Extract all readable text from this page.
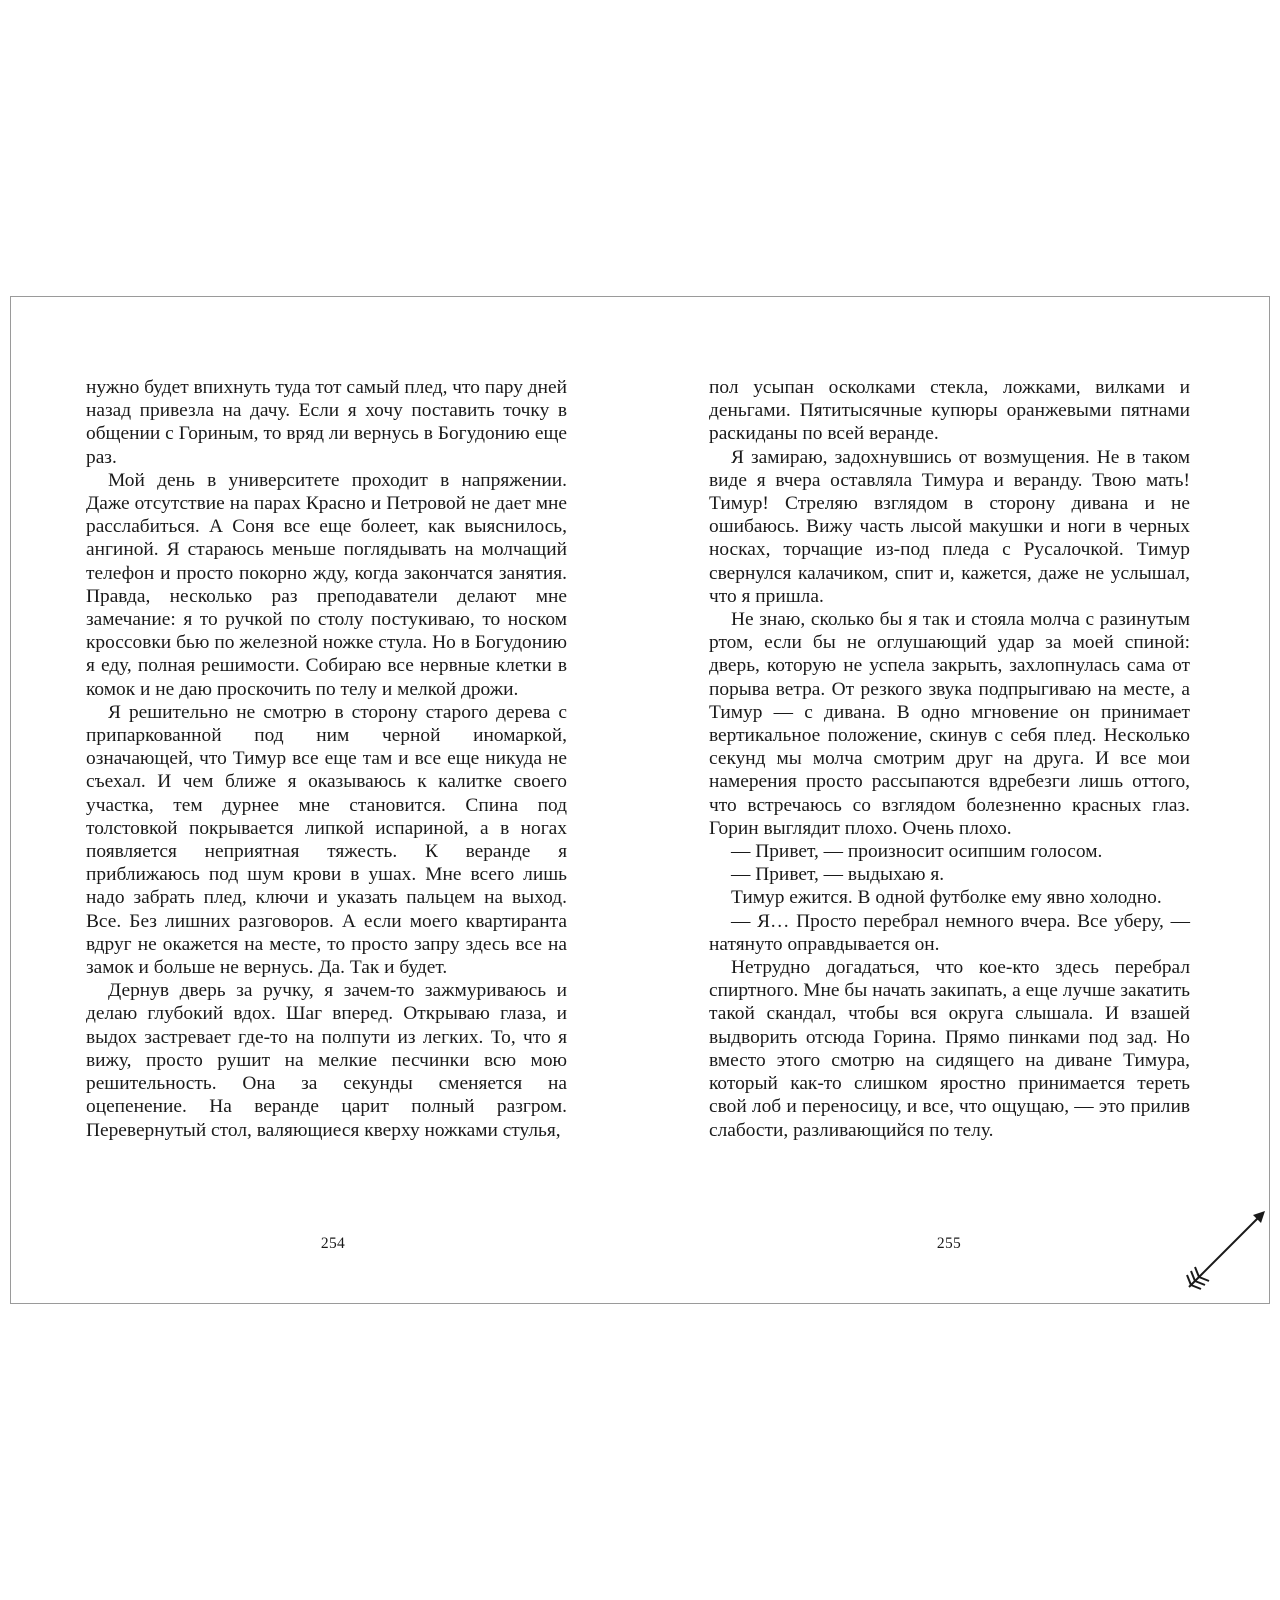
нужно будет впихнуть туда тот самый плед, что пару дней назад привезла на дачу. Если я хочу поставить точку в общении с Гориным, то вряд ли вернусь в Богудонию еще раз.

Мой день в университете проходит в напряжении. Даже отсутствие на парах Красно и Петровой не дает мне расслабиться. А Соня все еще болеет, как выяснилось, ангиной. Я стараюсь меньше поглядывать на молчащий телефон и просто покорно жду, когда закончатся занятия. Правда, несколько раз преподаватели делают мне замечание: я то ручкой по столу постукиваю, то носком кроссовки бью по железной ножке стула. Но в Богудонию я еду, полная решимости. Собираю все нервные клетки в комок и не даю проскочить по телу и мелкой дрожи.

Я решительно не смотрю в сторону старого дерева с припаркованной под ним черной иномаркой, означающей, что Тимур все еще там и все еще никуда не съехал. И чем ближе я оказываюсь к калитке своего участка, тем дурнее мне становится. Спина под толстовкой покрывается липкой испариной, а в ногах появляется неприятная тяжесть. К веранде я приближаюсь под шум крови в ушах. Мне всего лишь надо забрать плед, ключи и указать пальцем на выход. Все. Без лишних разговоров. А если моего квартиранта вдруг не окажется на месте, то просто запру здесь все на замок и больше не вернусь. Да. Так и будет.

Дернув дверь за ручку, я зачем-то зажмуриваюсь и делаю глубокий вдох. Шаг вперед. Открываю глаза, и выдох застревает где-то на полпути из легких. То, что я вижу, просто рушит на мелкие песчинки всю мою решительность. Она за секунды сменяется на оцепенение. На веранде царит полный разгром. Перевернутый стол, валяющиеся кверху ножками стулья,

254

пол усыпан осколками стекла, ложками, вилками и деньгами. Пятитысячные купюры оранжевыми пятнами раскиданы по всей веранде.

Я замираю, задохнувшись от возмущения. Не в таком виде я вчера оставляла Тимура и веранду. Твою мать! Тимур! Стреляю взглядом в сторону дивана и не ошибаюсь. Вижу часть лысой макушки и ноги в черных носках, торчащие из-под пледа с Русалочкой. Тимур свернулся калачиком, спит и, кажется, даже не услышал, что я пришла.

Не знаю, сколько бы я так и стояла молча с разинутым ртом, если бы не оглушающий удар за моей спиной: дверь, которую не успела закрыть, захлопнулась сама от порыва ветра. От резкого звука подпрыгиваю на месте, а Тимур — с дивана. В одно мгновение он принимает вертикальное положение, скинув с себя плед. Несколько секунд мы молча смотрим друг на друга. И все мои намерения просто рассыпаются вдребезги лишь оттого, что встречаюсь со взглядом болезненно красных глаз. Горин выглядит плохо. Очень плохо.

— Привет, — произносит осипшим голосом.

— Привет, — выдыхаю я.

Тимур ежится. В одной футболке ему явно холодно.

— Я… Просто перебрал немного вчера. Все уберу, — натянуто оправдывается он.

Нетрудно догадаться, что кое-кто здесь перебрал спиртного. Мне бы начать закипать, а еще лучше закатить такой скандал, чтобы вся округа слышала. И взашей выдворить отсюда Горина. Прямо пинками под зад. Но вместо этого смотрю на сидящего на диване Тимура, который как-то слишком яростно принимается тереть свой лоб и переносицу, и все, что ощущаю, — это прилив слабости, разливающийся по телу.

255
